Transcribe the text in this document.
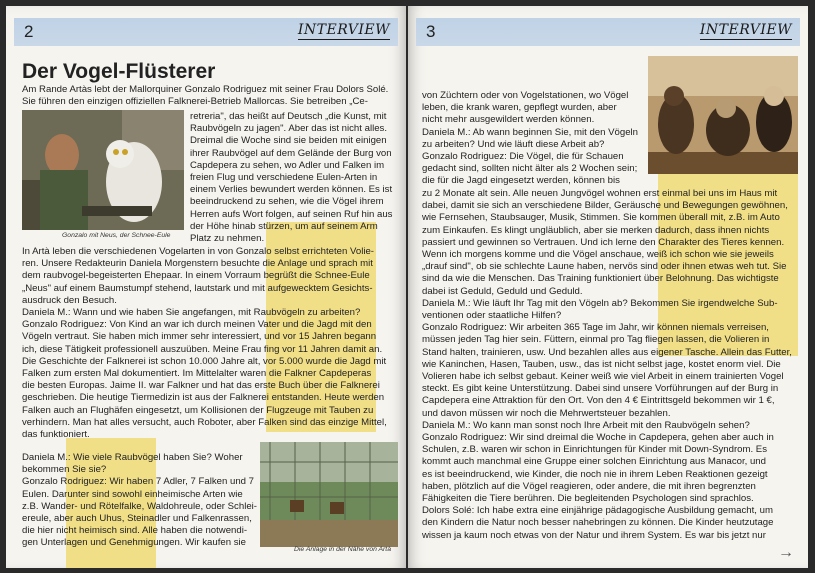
2	INTERVIEW
Der Vogel-Flüsterer
Am Rande Artàs lebt der Mallorquiner Gonzalo Rodriguez mit seiner Frau Dolors Solé.
Sie führen den einzigen offiziellen Falknerei-Betrieb Mallorcas. Sie betreiben „Ce-
Gonzalo mit Neus, der Schnee-Eule
retreria", das heißt auf Deutsch „die Kunst, mit
Raubvögeln zu jagen". Aber das ist nicht alles.
Dreimal die Woche sind sie beiden mit einigen
ihrer Raubvögel auf dem Gelände der Burg von
Capdepera zu sehen, wo Adler und Falken im
freien Flug und verschiedene Eulen-Arten in
einem Verlies bewundert werden können. Es ist
beeindruckend zu sehen, wie die Vögel ihrem
Herren aufs Wort folgen, auf seinen Ruf hin aus
der Höhe hinab stürzen, um auf seinem Arm
Platz zu nehmen.
In Artà leben die verschiedenen Vogelarten in von Gonzalo selbst errichteten Volie-
ren. Unsere Redakteurin Daniela Morgenstern besuchte die Anlage und sprach mit
dem raubvogel-begeisterten Ehepaar. In einem Vorraum begrüßt die Schnee-Eule
„Neus" auf einem Baumstumpf stehend, lautstark und mit aufgewecktem Gesichts-
ausdruck den Besuch.
Daniela M.: Wann und wie haben Sie angefangen, mit Raubvögeln zu arbeiten?
Gonzalo Rodriguez: Von Kind an war ich durch meinen Vater und die Jagd mit den
Vögeln vertraut. Sie haben mich immer sehr interessiert, und vor 15 Jahren begann
ich, diese Tätigkeit professionell auszuüben. Meine Frau fing vor 11 Jahren damit an.
Die Geschichte der Falknerei ist schon 10.000 Jahre alt, vor 5.000 wurde die Jagd mit
Falken zum ersten Mal dokumentiert. Im Mittelalter waren die Falkner Capdeperas
die besten Europas. Jaime II. war Falkner und hat das erste Buch über die Falknerei
geschrieben. Die heutige Tiermedizin ist aus der Falknerei entstanden. Heute werden
Falken auch an Flughäfen eingesetzt, um Kollisionen der Flugzeuge mit Tauben zu
verhindern. Man hat alles versucht, auch Roboter, aber Falken sind das einzige Mittel,
das funktioniert.
Daniela M.: Wie viele Raubvögel haben Sie? Woher
bekommen Sie sie?
Gonzalo Rodriguez: Wir haben 7 Adler, 7 Falken und 7
Eulen. Darunter sind sowohl einheimische Arten wie
z.B. Wander- und Rötelfalke, Waldohreule, oder Schlei-
ereule, aber auch Uhus, Steinadler und Falkenrassen,
die hier nicht heimisch sind. Alle haben die notwendi-
gen Unterlagen und Genehmigungen. Wir kaufen sie
Die Anlage in der Nähe von Artà
3	INTERVIEW
von Züchtern oder von Vogelstationen, wo Vögel
leben, die krank waren, gepflegt wurden, aber
nicht mehr ausgewildert werden können.
Daniela M.: Ab wann beginnen Sie, mit den Vögeln
zu arbeiten? Und wie läuft diese Arbeit ab?
Gonzalo Rodriguez: Die Vögel, die für Schauen
gedacht sind, sollten nicht älter als 2 Wochen sein;
die für die Jagd eingesetzt werden, können bis
zu 2 Monate alt sein. Alle neuen Jungvögel wohnen erst einmal bei uns im Haus mit
dabei, damit sie sich an verschiedene Bilder, Geräusche und Bewegungen gewöhnen,
wie Fernsehen, Staubsauger, Musik, Stimmen. Sie kommen überall mit, z.B. im Auto
zum Einkaufen. Es klingt ungläublich, aber sie merken dadurch, dass ihnen nichts
passiert und gewinnen so Vertrauen. Und ich lerne den Charakter des Tieres kennen.
Wenn ich morgens komme und die Vögel anschaue, weiß ich schon wie sie jeweils
„drauf sind", ob sie schlechte Laune haben, nervös sind oder ihnen etwas weh tut. Sie
sind da wie die Menschen. Das Training funktioniert über Belohnung. Das wichtigste
dabei ist Geduld, Geduld und Geduld.
Daniela M.: Wie läuft Ihr Tag mit den Vögeln ab? Bekommen Sie irgendwelche Sub-
ventionen oder staatliche Hilfen?
Gonzalo Rodriguez: Wir arbeiten 365 Tage im Jahr, wir können niemals verreisen,
müssen jeden Tag hier sein. Füttern, einmal pro Tag fliegen lassen, die Volieren in
Stand halten, trainieren, usw. Und bezahlen alles aus eigener Tasche. Allein das Futter,
wie Kaninchen, Hasen, Tauben, usw., das ist nicht selbst jage, kostet enorm viel. Die
Volieren habe ich selbst gebaut. Keiner weiß wie viel Arbeit in einem trainierten Vogel
steckt. Es gibt keine Unterstützung. Dabei sind unsere Vorführungen auf der Burg in
Capdepera eine Attraktion für den Ort. Von den 4 € Eintrittsgeld bekommen wir 1 €,
und davon müssen wir noch die Mehrwertsteuer bezahlen.
Daniela M.: Wo kann man sonst noch Ihre Arbeit mit den Raubvögeln sehen?
Gonzalo Rodriguez: Wir sind dreimal die Woche in Capdepera, gehen aber auch in
Schulen, z.B. waren wir schon in Einrichtungen für Kinder mit Down-Syndrom. Es
kommt auch manchmal eine Gruppe einer solchen Einrichtung aus Manacor, und
es ist beeindruckend, wie Kinder, die noch nie in ihrem Leben Reaktionen gezeigt
haben, plötzlich auf die Vögel reagieren, oder andere, die mit ihren begrenzten
Fähigkeiten die Tiere berühren. Die begleitenden Psychologen sind sprachlos.
Dolors Solé: Ich habe extra eine einjährige pädagogische Ausbildung gemacht, um
den Kindern die Natur noch besser nahebringen zu können. Die Kinder heutzutage
wissen ja kaum noch etwas von der Natur und ihrem System. Es war bis jetzt nur
→
